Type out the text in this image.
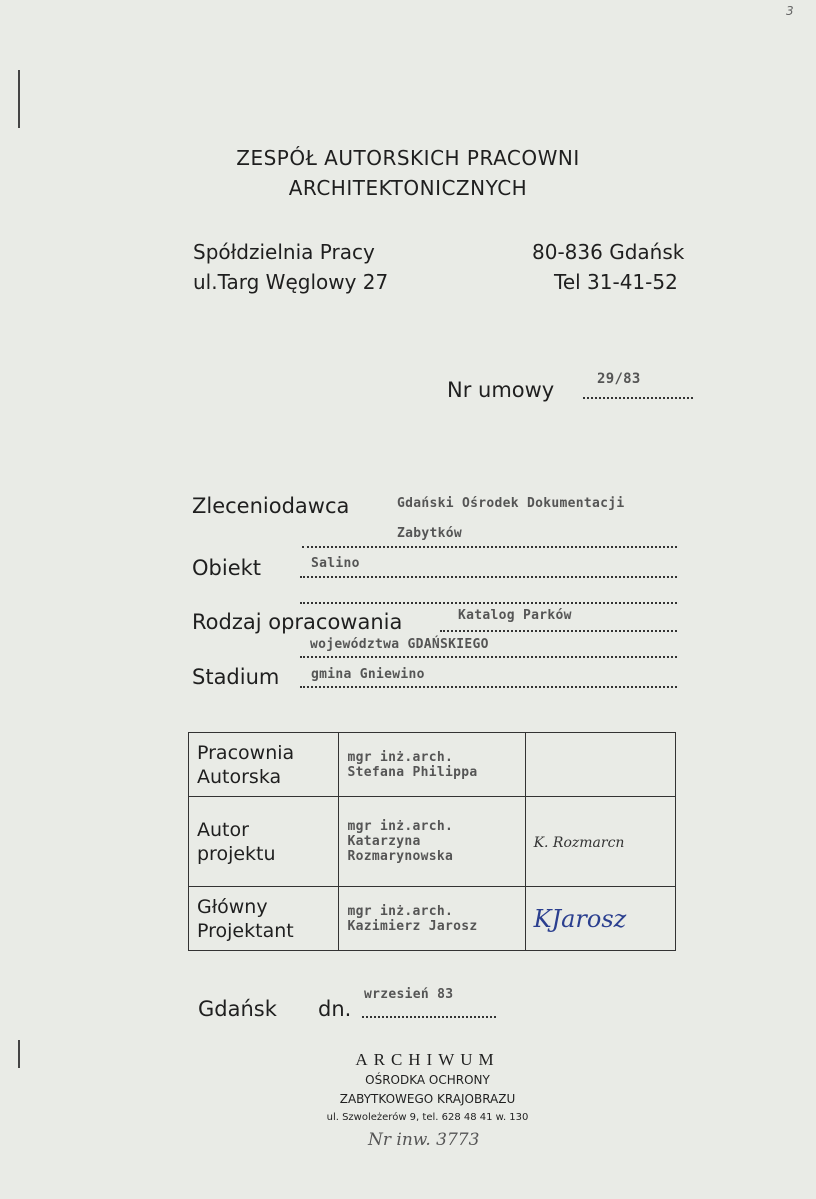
3
ZESPÓŁ AUTORSKICH PRACOWNI
ARCHITEKTONICZNYCH
Spółdzielnia Pracy
ul.Targ Węglowy 27
80-836 Gdańsk
Tel 31-41-52
Nr umowy	29/83
Zleceniodawca	Gdański Ośrodek Dokumentacji
Zabytków
Obiekt	Salino
Rodzaj opracowania	Katalog Parków
województwa GDAŃSKIEGO
Stadium gmina Gniewino
Pracownia
Autorska	mgr inż.arch.
Stefana Philippa	

Autor
projektu	mgr inż.arch.
Katarzyna
Rozmarynowska	K. Rozmarcn

Główny
Projektant	mgr inż.arch.
Kazimierz Jarosz	KJarosz
Gdańsk dn.
wrzesień 83
ARCHIWUM
OŚRODKA OCHRONY
ZABYTKOWEGO KRAJOBRAZU
ul. Szwoleżerów 9, tel. 628 48 41 w. 130
Nr inw. 3773
